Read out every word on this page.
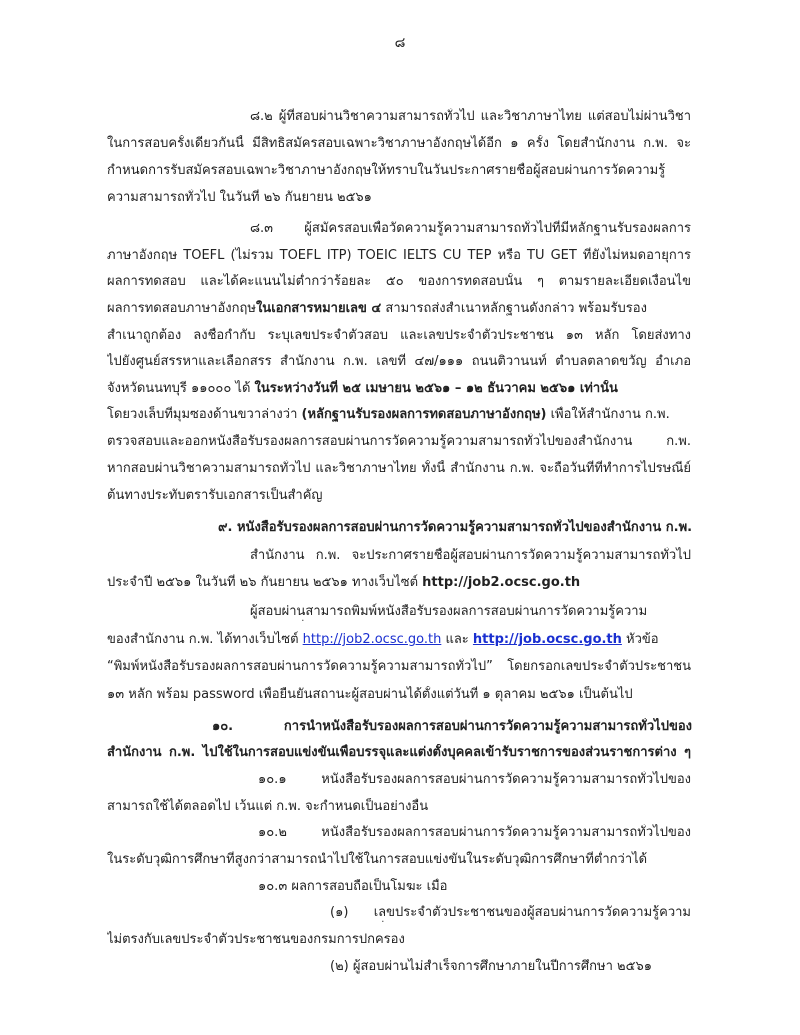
๘
๘.๒ ผู้ที่สอบผ่านวิชาความสามารถทั่วไป และวิชาภาษาไทย แต่สอบไม่ผ่านวิชา
ในการสอบครั้งเดียวกันนี้ มีสิทธิสมัครสอบเฉพาะวิชาภาษาอังกฤษได้อีก ๑ ครั้ง โดยสำนักงาน ก.พ. จะ
กำหนดการรับสมัครสอบเฉพาะวิชาภาษาอังกฤษให้ทราบในวันประกาศรายชื่อผู้สอบผ่านการวัดความรู้
ความสามารถทั่วไป ในวันที่ ๒๖ กันยายน ๒๕๖๑
๘.๓ ผู้สมัครสอบเพื่อวัดความรู้ความสามารถทั่วไปที่มีหลักฐานรับรองผลการ
ภาษาอังกฤษ TOEFL (ไม่รวม TOEFL ITP) TOEIC IELTS CU TEP หรือ TU GET ที่ยังไม่หมดอายุการ
ผลการทดสอบ และได้คะแนนไม่ต่ำกว่าร้อยละ ๕๐ ของการทดสอบนั้น ๆ ตามรายละเอียดเงื่อนไข
ผลการทดสอบภาษาอังกฤษในเอกสารหมายเลข ๔ สามารถส่งสำเนาหลักฐานดังกล่าว พร้อมรับรอง
สำเนาถูกต้อง ลงชื่อกำกับ ระบุเลขประจำตัวสอบ และเลขประจำตัวประชาชน ๑๓ หลัก โดยส่งทาง
ไปยังศูนย์สรรหาและเลือกสรร สำนักงาน ก.พ. เลขที่ ๔๗/๑๑๑ ถนนติวานนท์ ตำบลตลาดขวัญ อำเภอ
จังหวัดนนทบุรี ๑๑๐๐๐ ได้ ในระหว่างวันที่ ๒๕ เมษายน ๒๕๖๑ – ๑๒ ธันวาคม ๒๕๖๑ เท่านั้น
โดยวงเล็บที่มุมซองด้านขวาล่างว่า (หลักฐานรับรองผลการทดสอบภาษาอังกฤษ) เพื่อให้สำนักงาน ก.พ.
ตรวจสอบและออกหนังสือรับรองผลการสอบผ่านการวัดความรู้ความสามารถทั่วไปของสำนักงาน ก.พ.
หากสอบผ่านวิชาความสามารถทั่วไป และวิชาภาษาไทย ทั้งนี้ สำนักงาน ก.พ. จะถือวันที่ที่ทำการไปรษณีย์
ต้นทางประทับตรารับเอกสารเป็นสำคัญ
๙. หนังสือรับรองผลการสอบผ่านการวัดความรู้ความสามารถทั่วไปของสำนักงาน ก.พ.
สำนักงาน ก.พ. จะประกาศรายชื่อผู้สอบผ่านการวัดความรู้ความสามารถทั่วไป
ประจำปี ๒๕๖๑ ในวันที่ ๒๖ กันยายน ๒๕๖๑ ทางเว็บไซต์ http://job2.ocsc.go.th
ผู้สอบผ่านสามารถพิมพ์หนังสือรับรองผลการสอบผ่านการวัดความรู้ความ
ของสำนักงาน ก.พ. ได้ทางเว็บไซต์ http://job2.ocsc.go.th และ http://job.ocsc.go.th หัวข้อ
“พิมพ์หนังสือรับรองผลการสอบผ่านการวัดความรู้ความสามารถทั่วไป” โดยกรอกเลขประจำตัวประชาชน
๑๓ หลัก พร้อม password เพื่อยืนยันสถานะผู้สอบผ่านได้ตั้งแต่วันที่ ๑ ตุลาคม ๒๕๖๑ เป็นต้นไป
๑๐. การนำหนังสือรับรองผลการสอบผ่านการวัดความรู้ความสามารถทั่วไปของ
สำนักงาน ก.พ. ไปใช้ในการสอบแข่งขันเพื่อบรรจุและแต่งตั้งบุคคลเข้ารับราชการของส่วนราชการต่าง ๆ
๑๐.๑ หนังสือรับรองผลการสอบผ่านการวัดความรู้ความสามารถทั่วไปของ
สามารถใช้ได้ตลอดไป เว้นแต่ ก.พ. จะกำหนดเป็นอย่างอื่น
๑๐.๒ หนังสือรับรองผลการสอบผ่านการวัดความรู้ความสามารถทั่วไปของ
ในระดับวุฒิการศึกษาที่สูงกว่าสามารถนำไปใช้ในการสอบแข่งขันในระดับวุฒิการศึกษาที่ต่ำกว่าได้
๑๐.๓ ผลการสอบถือเป็นโมฆะ เมื่อ
(๑) เลขประจำตัวประชาชนของผู้สอบผ่านการวัดความรู้ความ
ไม่ตรงกับเลขประจำตัวประชาชนของกรมการปกครอง
(๒) ผู้สอบผ่านไม่สำเร็จการศึกษาภายในปีการศึกษา ๒๕๖๑
